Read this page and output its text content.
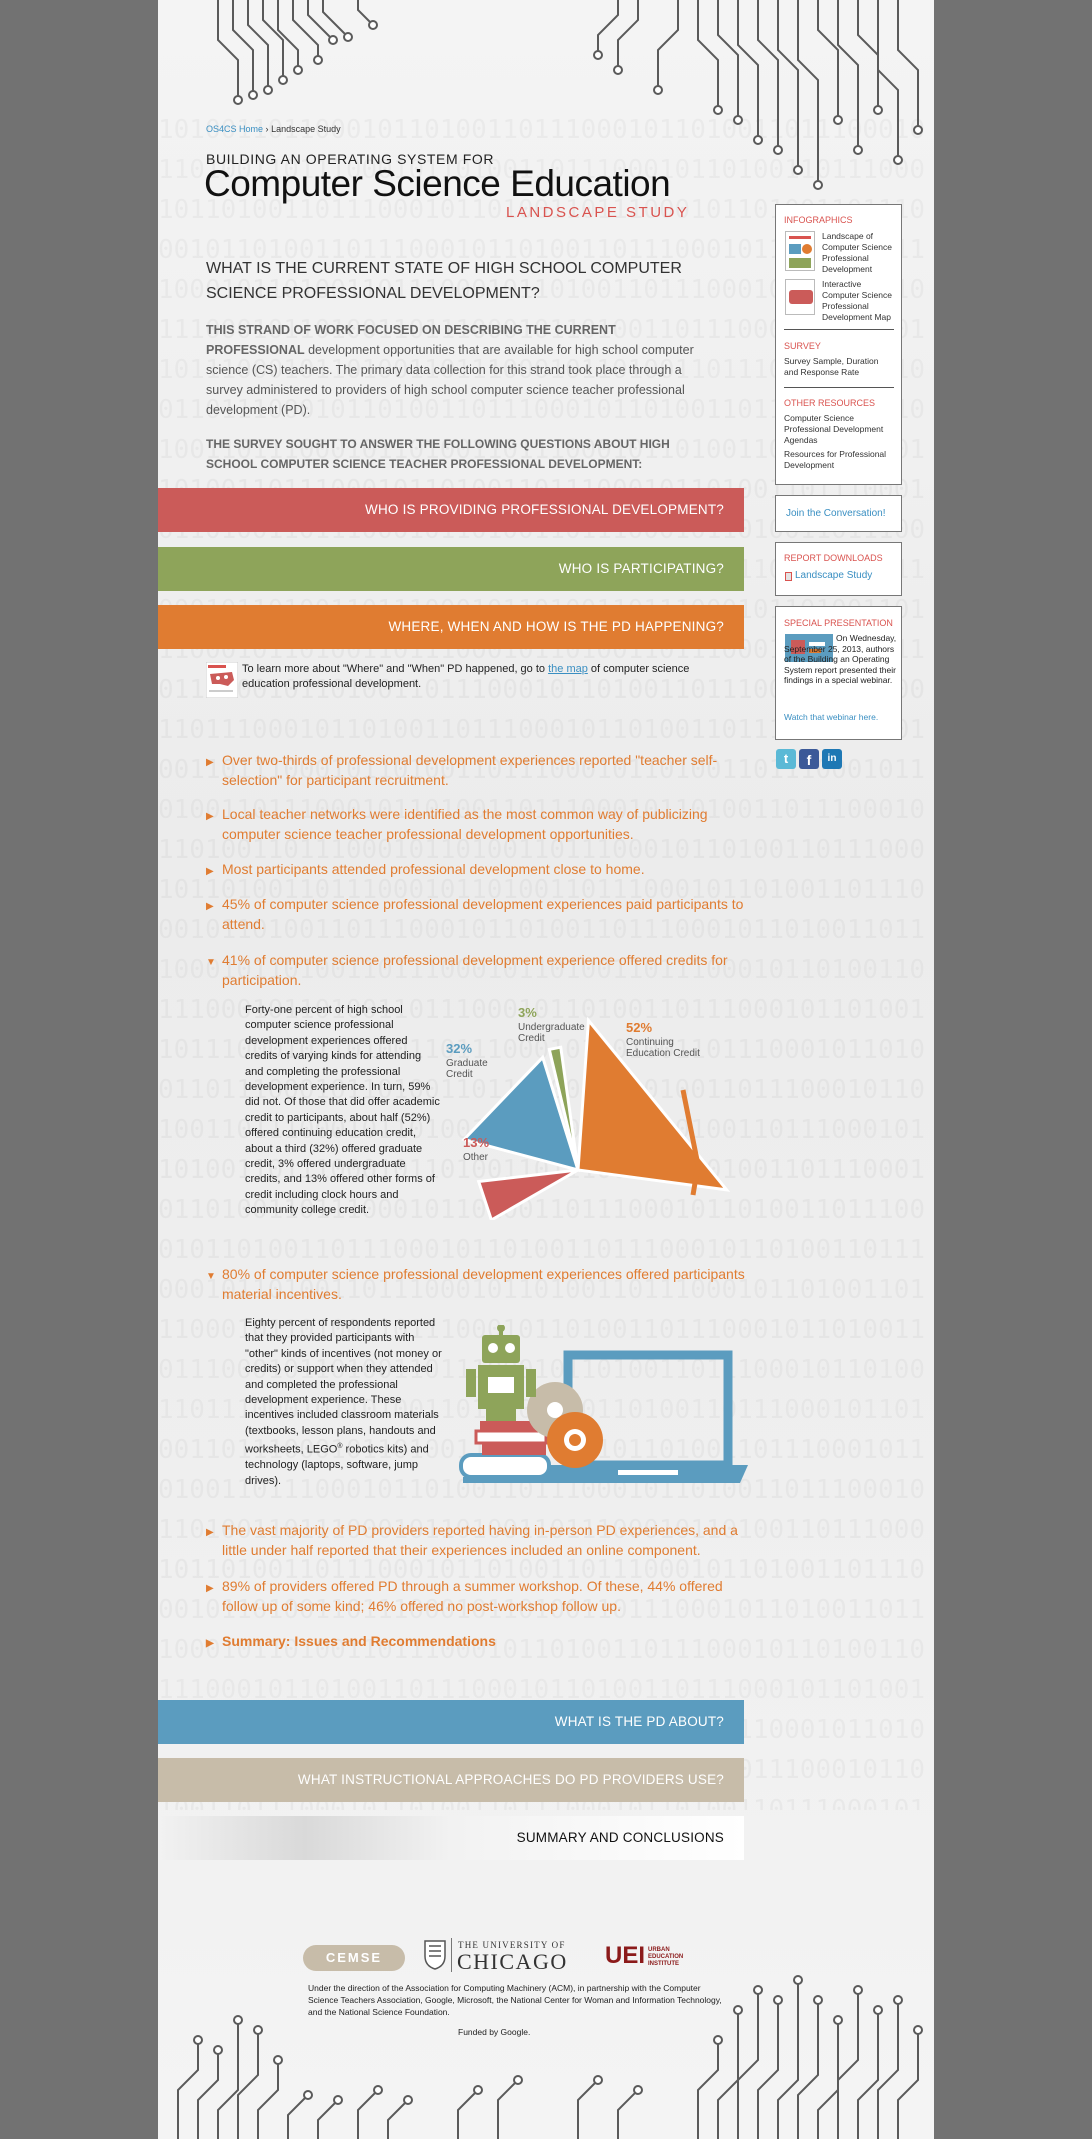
OS4CS Home › Landscape Study
BUILDING AN OPERATING SYSTEM FOR
Computer Science Education
LANDSCAPE STUDY
WHAT IS THE CURRENT STATE OF HIGH SCHOOL COMPUTER SCIENCE PROFESSIONAL DEVELOPMENT?
THIS STRAND OF WORK FOCUSED ON DESCRIBING THE CURRENT PROFESSIONAL development opportunities that are available for high school computer science (CS) teachers. The primary data collection for this strand took place through a survey administered to providers of high school computer science teacher professional development (PD).
THE SURVEY SOUGHT TO ANSWER THE FOLLOWING QUESTIONS ABOUT HIGH SCHOOL COMPUTER SCIENCE TEACHER PROFESSIONAL DEVELOPMENT:
WHO IS PROVIDING PROFESSIONAL DEVELOPMENT?
WHO IS PARTICIPATING?
WHERE, WHEN AND HOW IS THE PD HAPPENING?
To learn more about "Where" and "When" PD happened, go to the map of computer science education professional development.
▶ Over two-thirds of professional development experiences reported "teacher self-selection" for participant recruitment.
▶ Local teacher networks were identified as the most common way of publicizing computer science teacher professional development opportunities.
▶ Most participants attended professional development close to home.
▶ 45% of computer science professional development experiences paid participants to attend.
▼ 41% of computer science professional development experience offered credits for participation.
Forty-one percent of high school computer science professional development experiences offered credits of varying kinds for attending and completing the professional development experience. In turn, 59% did not. Of those that did offer academic credit to participants, about half (52%) offered continuing education credit, about a third (32%) offered graduate credit, 3% offered undergraduate credits, and 13% offered other forms of credit including clock hours and community college credit.
32%
Graduate
Credit
3%
Undergraduate
Credit
52%
Continuing
Education Credit
13%
Other
▼ 80% of computer science professional development experiences offered participants material incentives.
Eighty percent of respondents reported that they provided participants with "other" kinds of incentives (not money or credits) or support when they attended and completed the professional development experience. These incentives included classroom materials (textbooks, lesson plans, handouts and worksheets, LEGO® robotics kits) and technology (laptops, software, jump drives).
▶ The vast majority of PD providers reported having in-person PD experiences, and a little under half reported that their experiences included an online component.
▶ 89% of providers offered PD through a summer workshop. Of these, 44% offered follow up of some kind; 46% offered no post-workshop follow up.
▶ Summary: Issues and Recommendations
WHAT IS THE PD ABOUT?
WHAT INSTRUCTIONAL APPROACHES DO PD PROVIDERS USE?
SUMMARY AND CONCLUSIONS
CEMSE
THE UNIVERSITY OF
CHICAGO UEI URBAN EDUCATION INSTITUTE
Under the direction of the Association for Computing Machinery (ACM), in partnership with the Computer Science Teachers Association, Google, Microsoft, the National Center for Woman and Information Technology, and the National Science Foundation.
Funded by Google.
INFOGRAPHICS
Landscape of Computer Science Professional Development
Interactive Computer Science Professional Development Map
SURVEY
Survey Sample, Duration and Response Rate
OTHER RESOURCES
Computer Science Professional Development Agendas
Resources for Professional Development
Join the Conversation!
REPORT DOWNLOADS
Landscape Study
SPECIAL PRESENTATION
On Wednesday, September 25, 2013, authors of the Building an Operating System report presented their findings in a special webinar.
Watch that webinar here.
t	f	in
